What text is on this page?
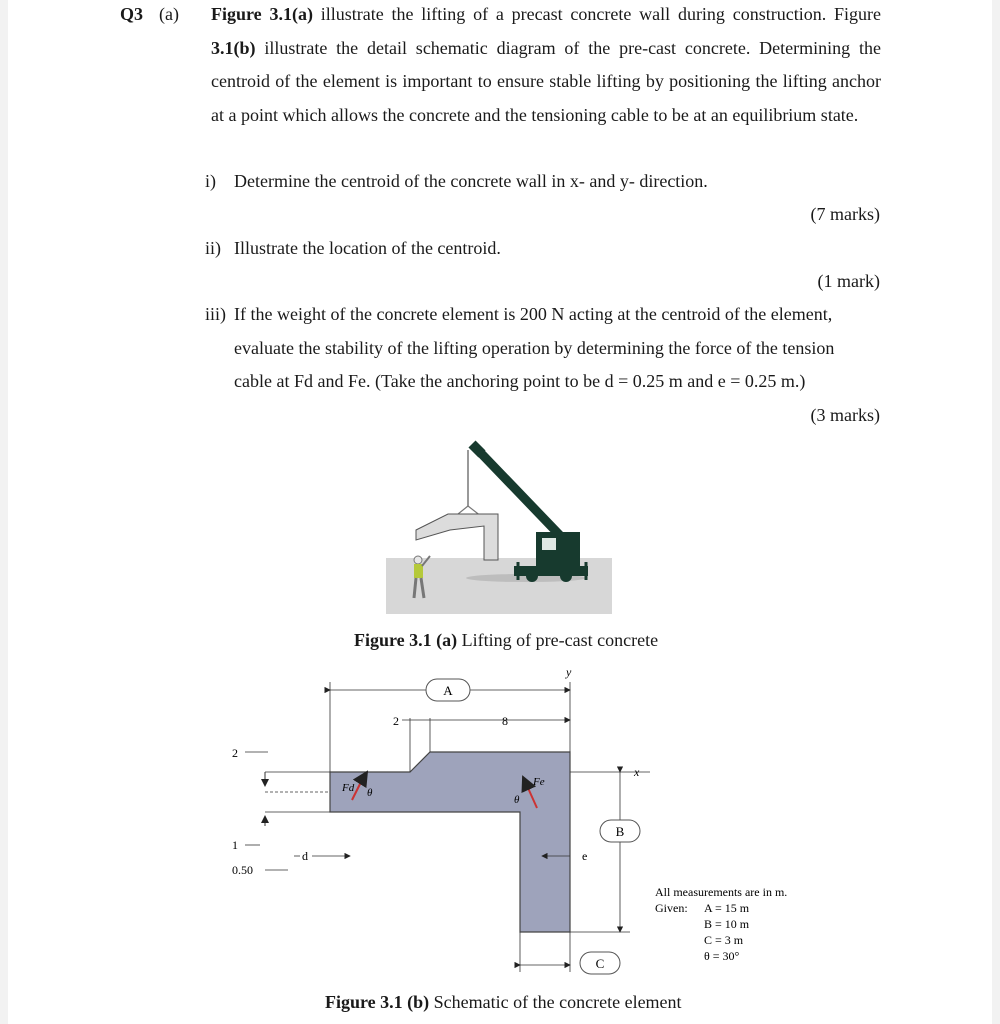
Q3 (a) Figure 3.1(a) illustrate the lifting of a precast concrete wall during construction. Figure 3.1(b) illustrate the detail schematic diagram of the pre-cast concrete. Determining the centroid of the element is important to ensure stable lifting by positioning the lifting anchor at a point which allows the concrete and the tensioning cable to be at an equilibrium state.

i) Determine the centroid of the concrete wall in x- and y- direction.
(7 marks)
ii) Illustrate the location of the centroid.
(1 mark)
iii) If the weight of the concrete element is 200 N acting at the centroid of the element,
evaluate the stability of the lifting operation by determining the force of the tension
cable at Fd and Fe. (Take the anchoring point to be d = 0.25 m and e = 0.25 m.)
(3 marks)
Figure 3.1 (a) Lifting of pre-cast concrete
A
y
2	8
2
1
0.50
d
Fd θ
Fe
θ
e
B
x
C
All measurements are in m.
Given: A = 15 m
B = 10 m
C = 3 m
θ = 30°
Figure 3.1 (b) Schematic of the concrete element
